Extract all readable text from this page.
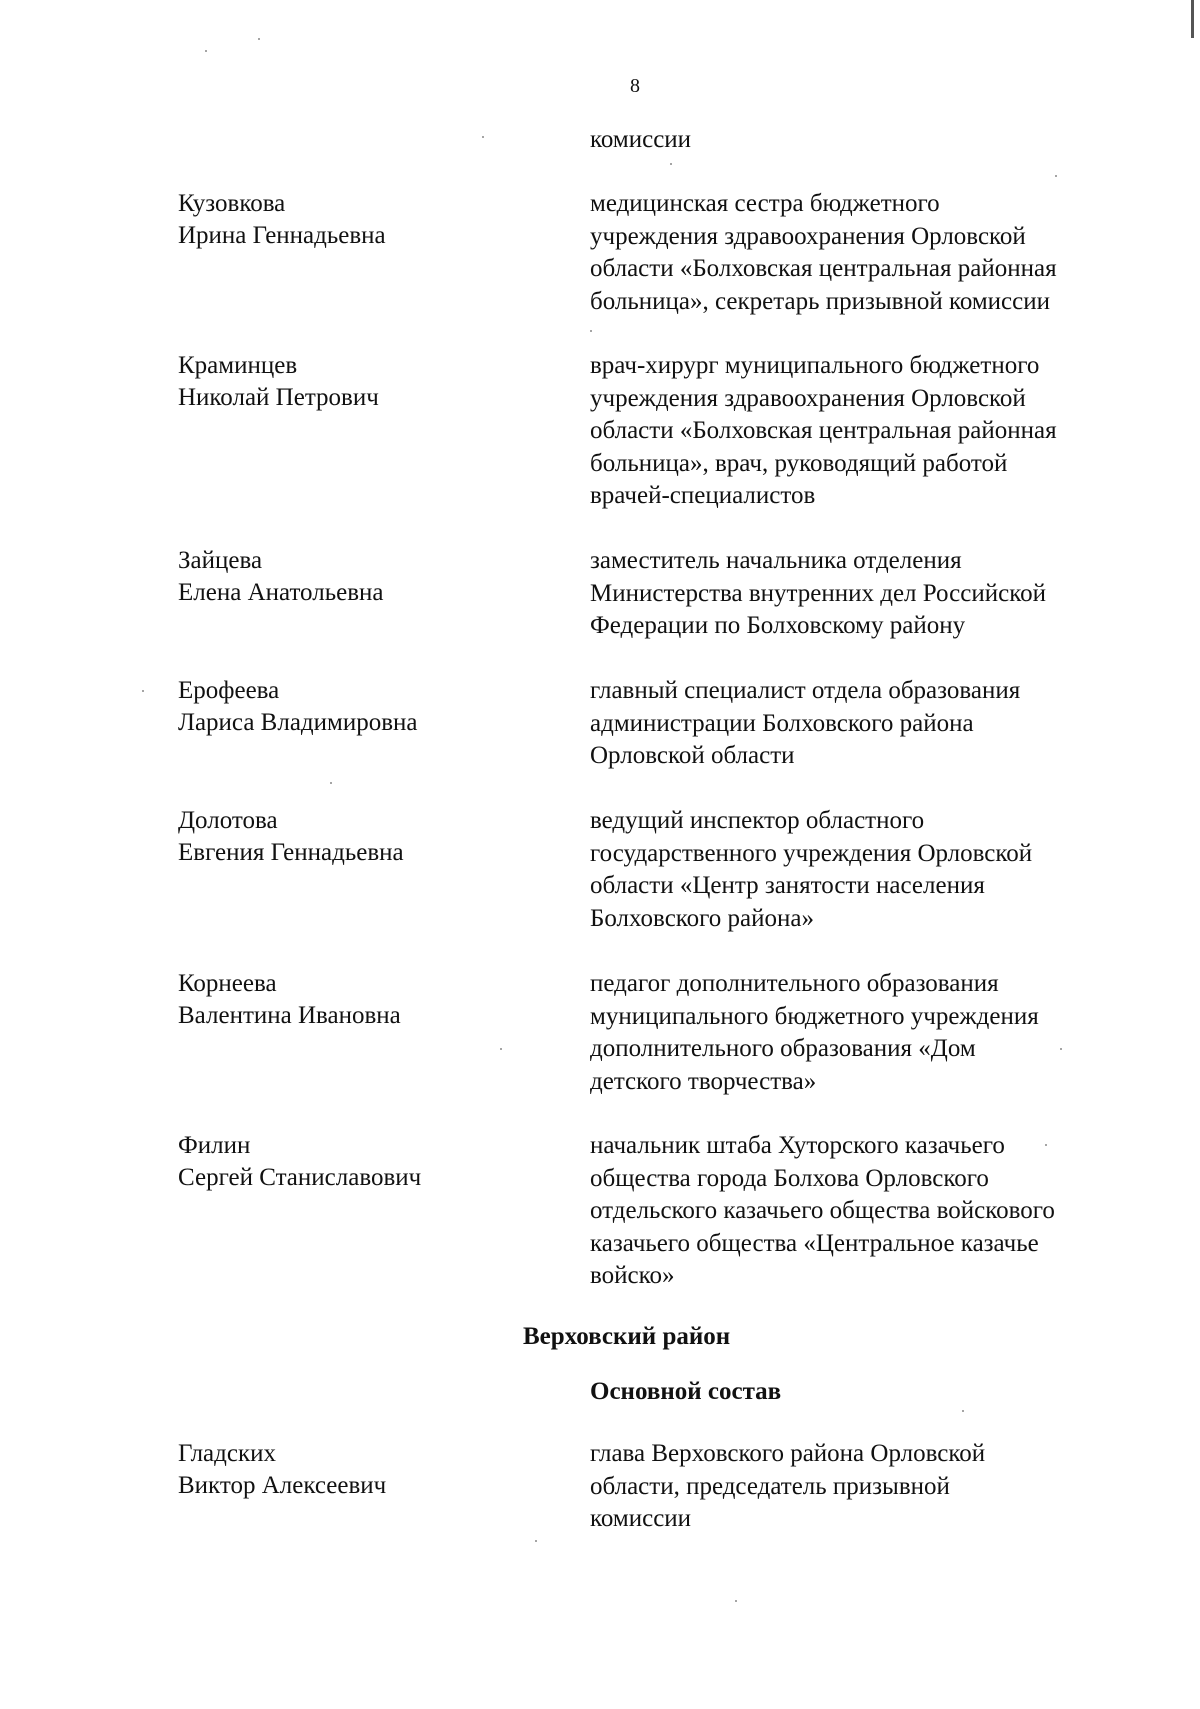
8
комиссии
Кузовкова
Ирина Геннадьевна
медицинская сестра бюджетного
учреждения здравоохранения Орловской
области «Болховская центральная районная
больница», секретарь призывной комиссии
Краминцев
Николай Петрович
врач-хирург муниципального бюджетного
учреждения здравоохранения Орловской
области «Болховская центральная районная
больница», врач, руководящий работой
врачей-специалистов
Зайцева
Елена Анатольевна
заместитель начальника отделения
Министерства внутренних дел Российской
Федерации по Болховскому району
Ерофеева
Лариса Владимировна
главный специалист отдела образования
администрации Болховского района
Орловской области
Долотова
Евгения Геннадьевна
ведущий инспектор областного
государственного учреждения Орловской
области «Центр занятости населения
Болховского района»
Корнеева
Валентина Ивановна
педагог дополнительного образования
муниципального бюджетного учреждения
дополнительного образования «Дом
детского творчества»
Филин
Сергей Станиславович
начальник штаба Хуторского казачьего
общества города Болхова Орловского
отдельского казачьего общества войскового
казачьего общества «Центральное казачье
войско»
Верховский район
Основной состав
Гладских
Виктор Алексеевич
глава Верховского района Орловской
области, председатель призывной
комиссии
